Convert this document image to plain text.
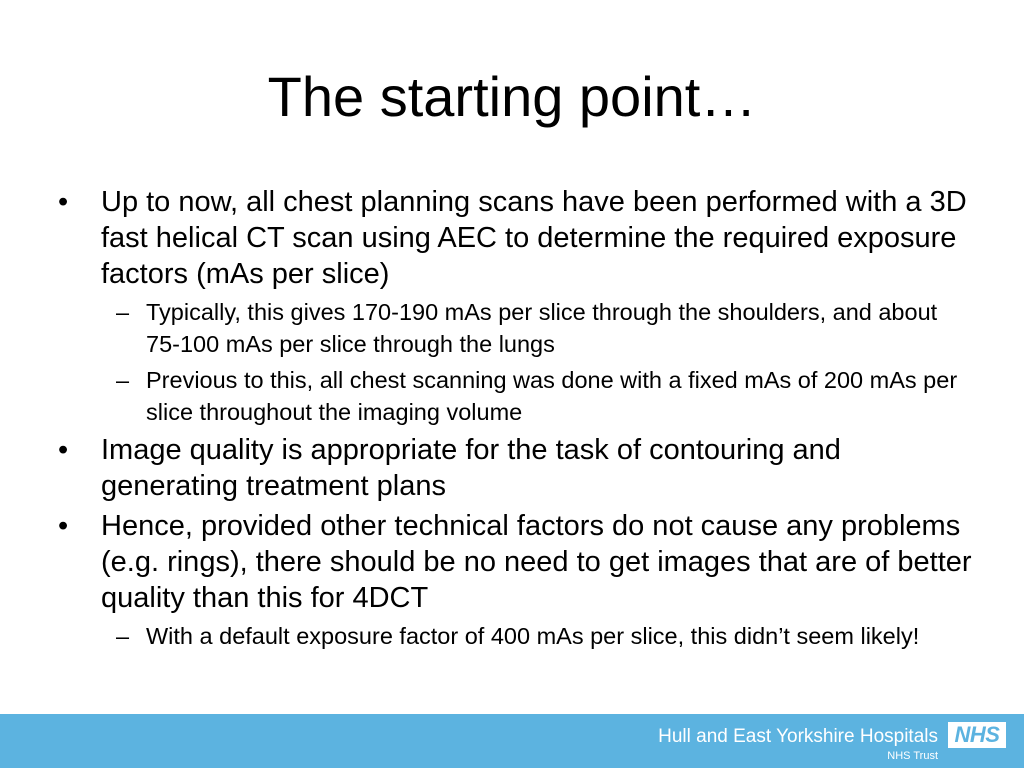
The starting point…
• Up to now, all chest planning scans have been performed with a 3D fast helical CT scan using AEC to determine the required exposure factors (mAs per slice)
– Typically, this gives 170-190 mAs per slice through the shoulders, and about 75-100 mAs per slice through the lungs
– Previous to this, all chest scanning was done with a fixed mAs of 200 mAs per slice throughout the imaging volume
• Image quality is appropriate for the task of contouring and generating treatment plans
• Hence, provided other technical factors do not cause any problems (e.g. rings), there should be no need to get images that are of better quality than this for 4DCT
– With a default exposure factor of 400 mAs per slice, this didn’t seem likely!
Hull and East Yorkshire Hospitals
NHS Trust
NHS
